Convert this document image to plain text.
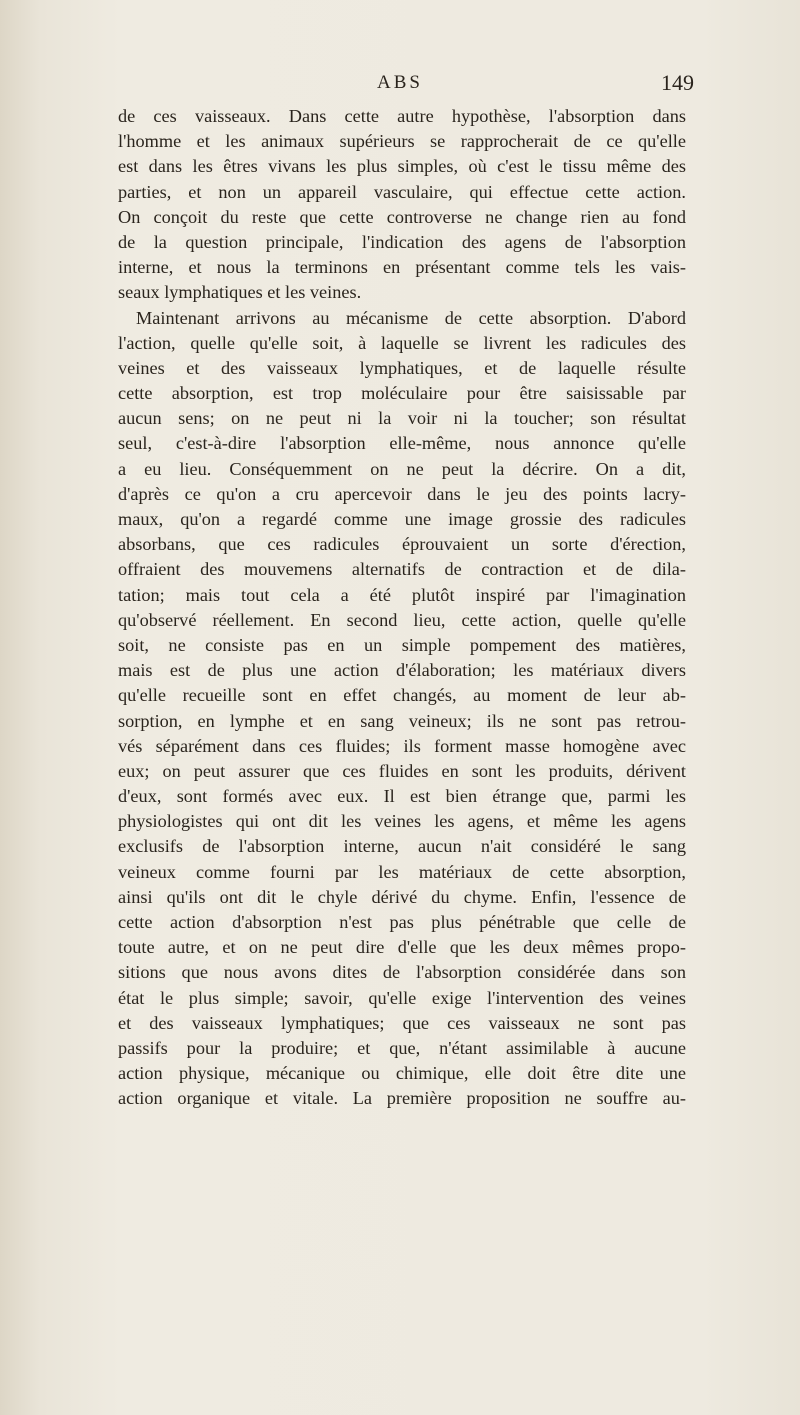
ABS	149
de ces vaisseaux. Dans cette autre hypothèse, l'absorption dans
l'homme et les animaux supérieurs se rapprocherait de ce qu'elle
est dans les êtres vivans les plus simples, où c'est le tissu même des
parties, et non un appareil vasculaire, qui effectue cette action.
On conçoit du reste que cette controverse ne change rien au fond
de la question principale, l'indication des agens de l'absorption
interne, et nous la terminons en présentant comme tels les vais-
seaux lymphatiques et les veines.
Maintenant arrivons au mécanisme de cette absorption. D'abord
l'action, quelle qu'elle soit, à laquelle se livrent les radicules des
veines et des vaisseaux lymphatiques, et de laquelle résulte
cette absorption, est trop moléculaire pour être saisissable par
aucun sens; on ne peut ni la voir ni la toucher; son résultat
seul, c'est-à-dire l'absorption elle-même, nous annonce qu'elle
a eu lieu. Conséquemment on ne peut la décrire. On a dit,
d'après ce qu'on a cru apercevoir dans le jeu des points lacry-
maux, qu'on a regardé comme une image grossie des radicules
absorbans, que ces radicules éprouvaient un sorte d'érection,
offraient des mouvemens alternatifs de contraction et de dila-
tation; mais tout cela a été plutôt inspiré par l'imagination
qu'observé réellement. En second lieu, cette action, quelle qu'elle
soit, ne consiste pas en un simple pompement des matières,
mais est de plus une action d'élaboration; les matériaux divers
qu'elle recueille sont en effet changés, au moment de leur ab-
sorption, en lymphe et en sang veineux; ils ne sont pas retrou-
vés séparément dans ces fluides; ils forment masse homogène avec
eux; on peut assurer que ces fluides en sont les produits, dérivent
d'eux, sont formés avec eux. Il est bien étrange que, parmi les
physiologistes qui ont dit les veines les agens, et même les agens
exclusifs de l'absorption interne, aucun n'ait considéré le sang
veineux comme fourni par les matériaux de cette absorption,
ainsi qu'ils ont dit le chyle dérivé du chyme. Enfin, l'essence de
cette action d'absorption n'est pas plus pénétrable que celle de
toute autre, et on ne peut dire d'elle que les deux mêmes propo-
sitions que nous avons dites de l'absorption considérée dans son
état le plus simple; savoir, qu'elle exige l'intervention des veines
et des vaisseaux lymphatiques; que ces vaisseaux ne sont pas
passifs pour la produire; et que, n'étant assimilable à aucune
action physique, mécanique ou chimique, elle doit être dite une
action organique et vitale. La première proposition ne souffre au-
